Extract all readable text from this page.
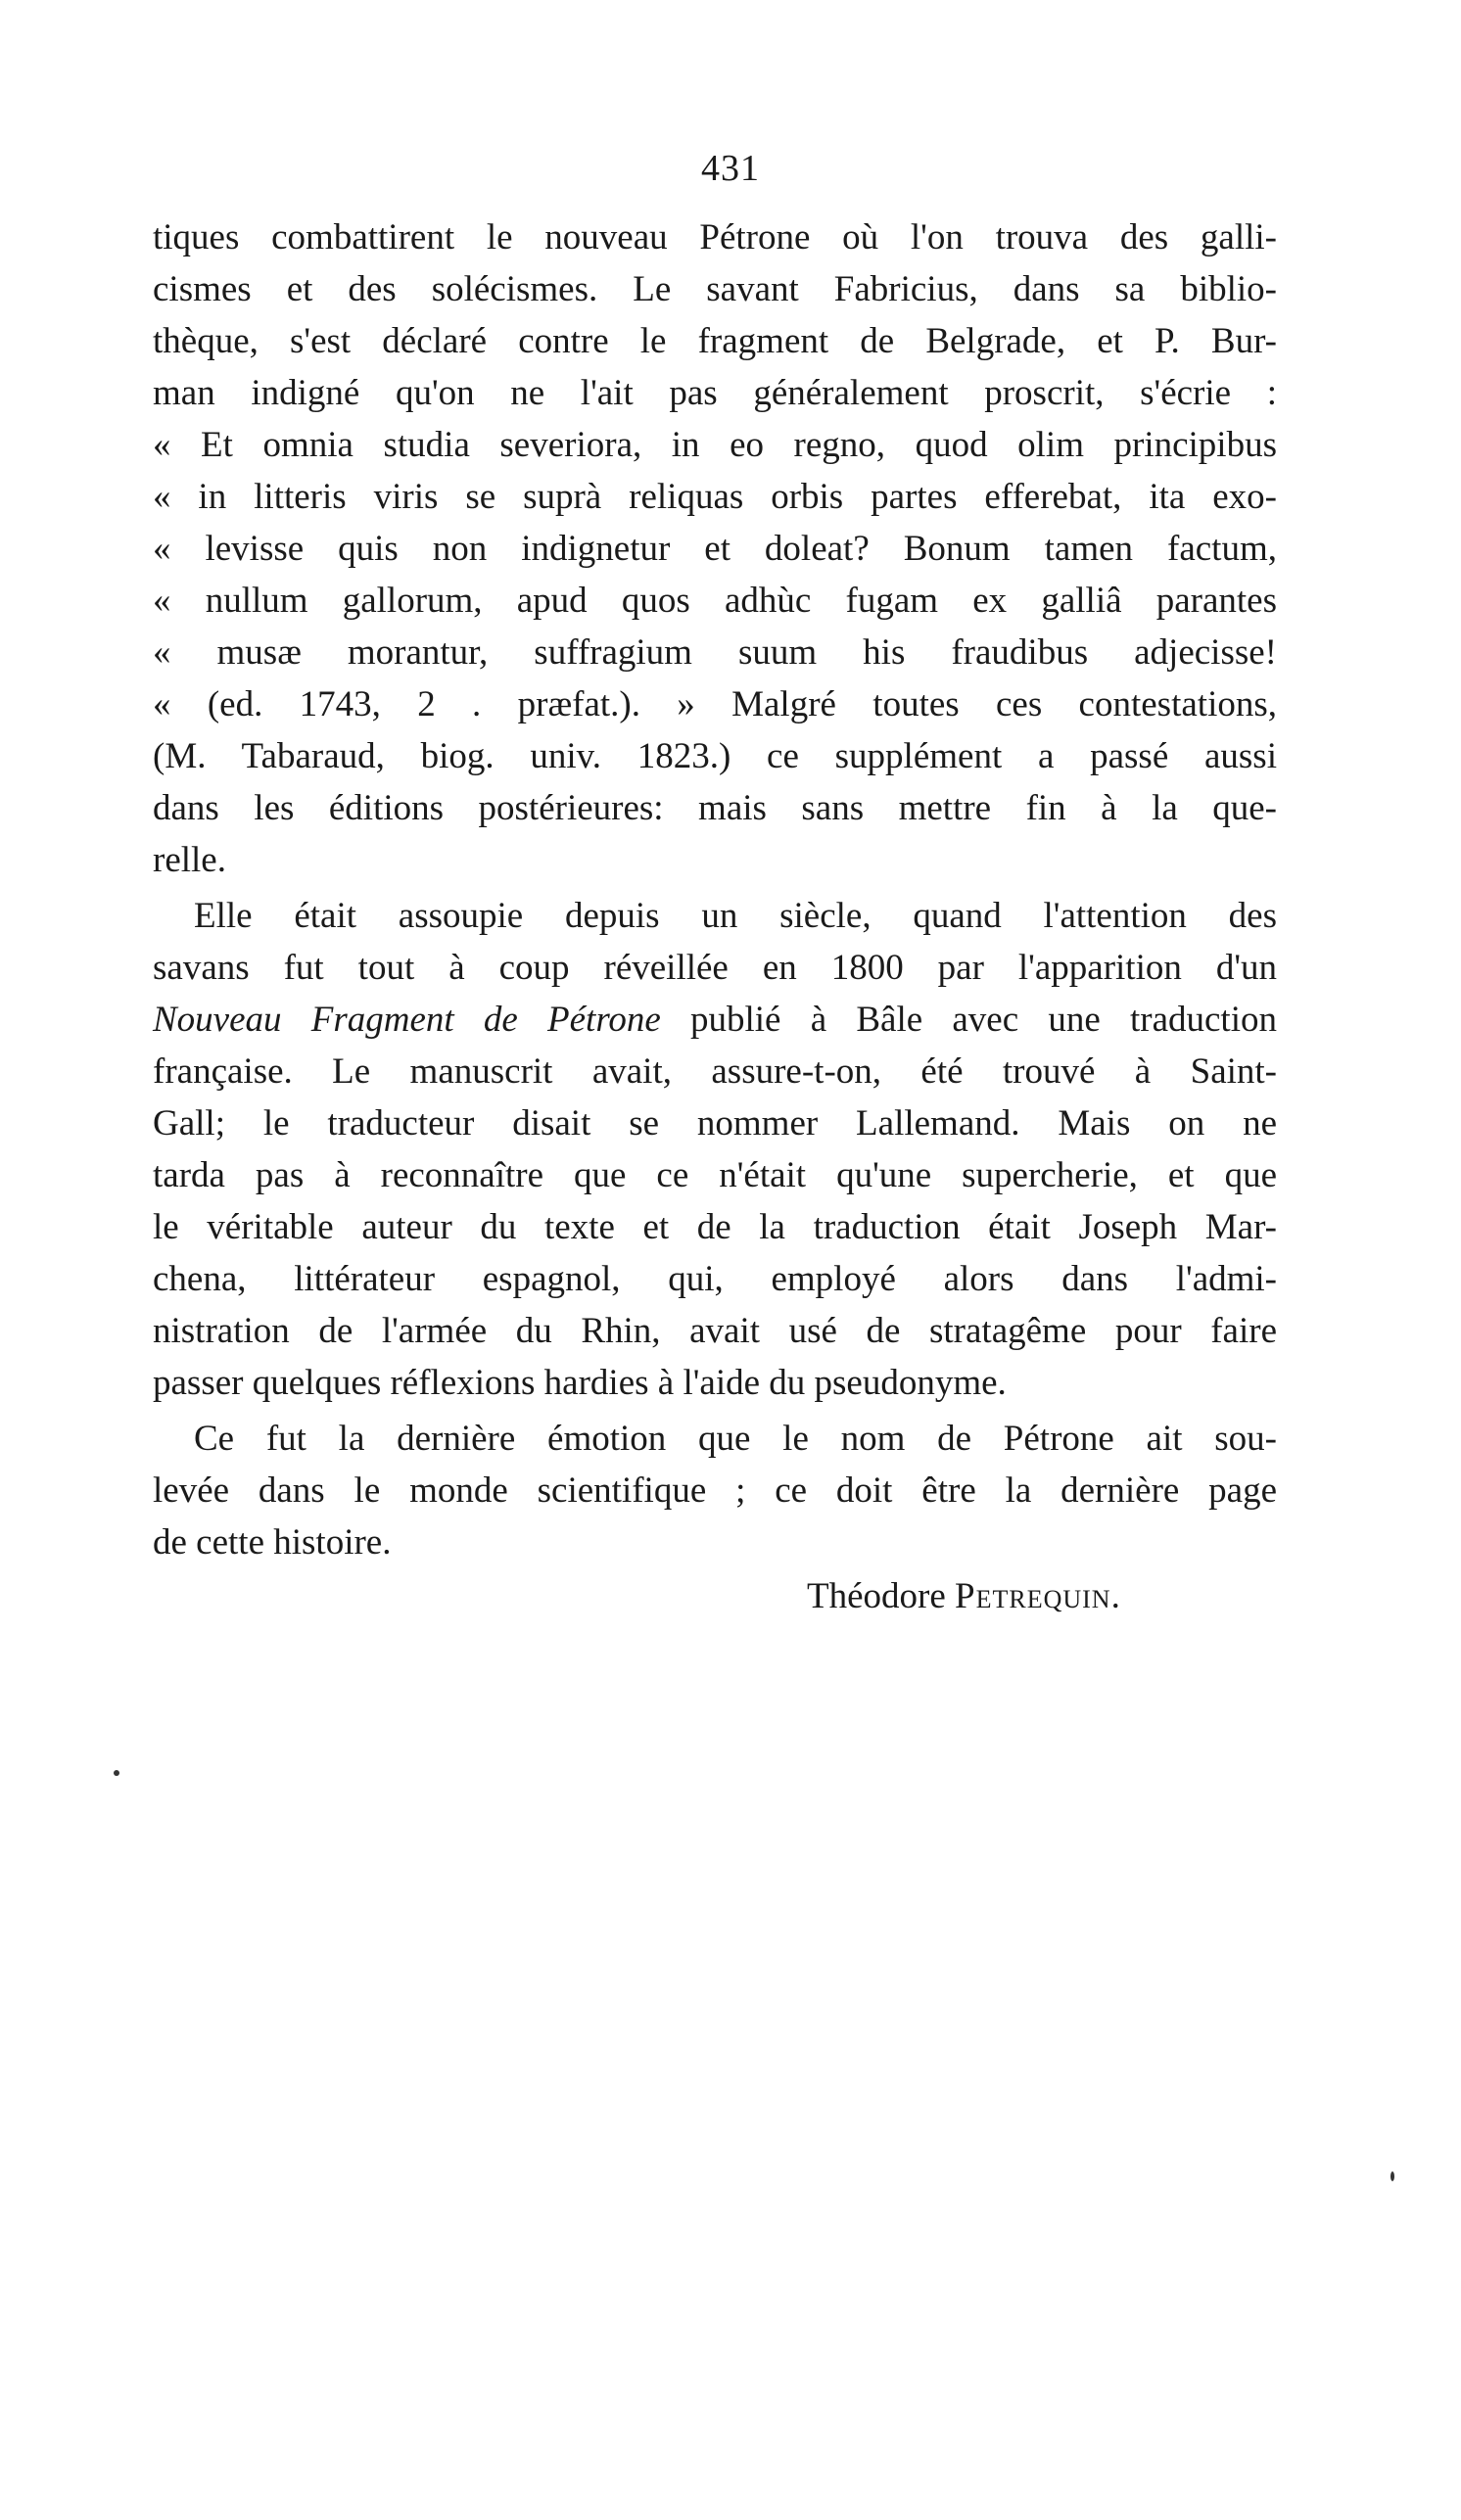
431
tiques combattirent le nouveau Pétrone où l'on trouva des galli-
cismes et des solécismes. Le savant Fabricius, dans sa biblio-
thèque, s'est déclaré contre le fragment de Belgrade, et P. Bur-
man indigné qu'on ne l'ait pas généralement proscrit, s'écrie :
« Et omnia studia severiora, in eo regno, quod olim principibus
« in litteris viris se suprà reliquas orbis partes efferebat, ita exo-
« levisse quis non indignetur et doleat? Bonum tamen factum,
« nullum gallorum, apud quos adhùc fugam ex galliâ parantes
« musæ morantur, suffragium suum his fraudibus adjecisse!
« (ed. 1743, 2 . præfat.). » Malgré toutes ces contestations,
(M. Tabaraud, biog. univ. 1823.) ce supplément a passé aussi
dans les éditions postérieures: mais sans mettre fin à la que-
relle.
Elle était assoupie depuis un siècle, quand l'attention des
savans fut tout à coup réveillée en 1800 par l'apparition d'un
Nouveau Fragment de Pétrone publié à Bâle avec une traduction
française. Le manuscrit avait, assure-t-on, été trouvé à Saint-
Gall; le traducteur disait se nommer Lallemand. Mais on ne
tarda pas à reconnaître que ce n'était qu'une supercherie, et que
le véritable auteur du texte et de la traduction était Joseph Mar-
chena, littérateur espagnol, qui, employé alors dans l'admi-
nistration de l'armée du Rhin, avait usé de stratagême pour faire
passer quelques réflexions hardies à l'aide du pseudonyme.
Ce fut la dernière émotion que le nom de Pétrone ait sou-
levée dans le monde scientifique ; ce doit être la dernière page
de cette histoire.
Théodore Petrequin.
